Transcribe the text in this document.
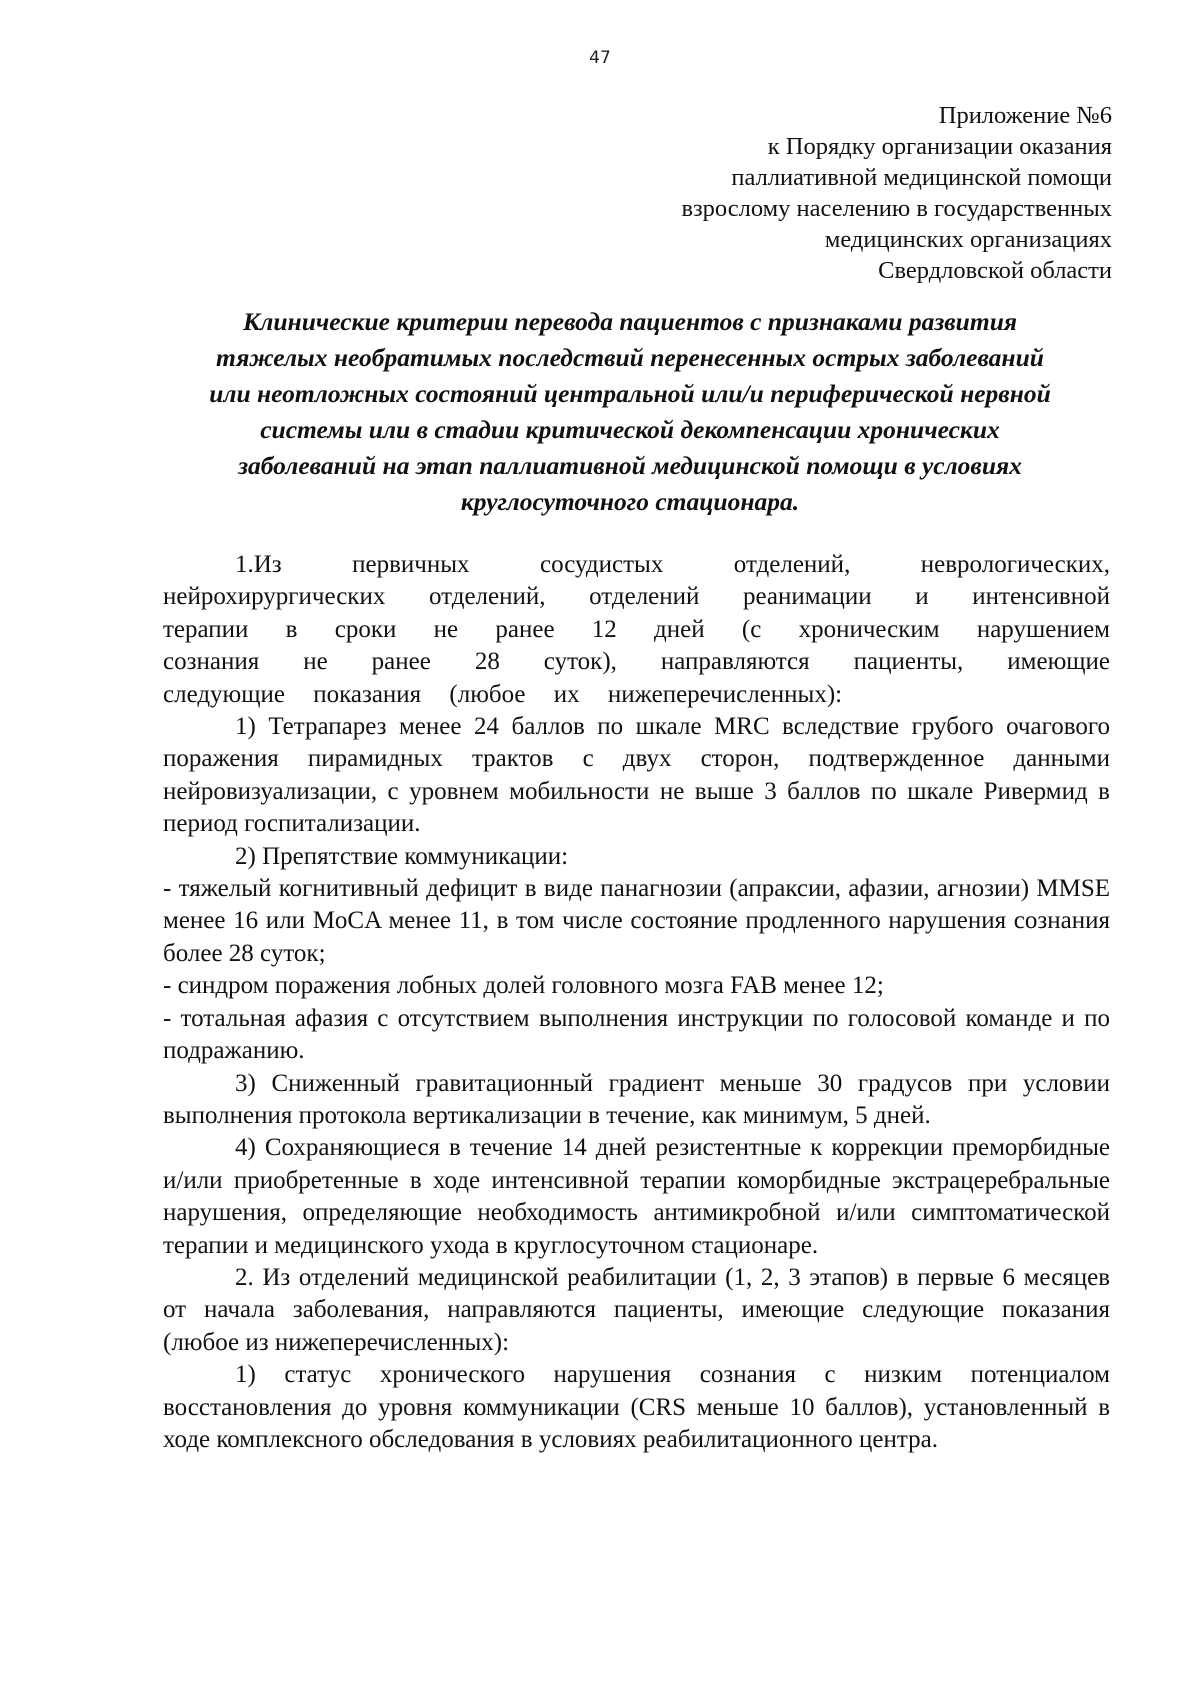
47
Приложение №6
к Порядку организации оказания
паллиативной медицинской помощи
взрослому населению в государственных
медицинских организациях
Свердловской области
Клинические критерии перевода пациентов с признаками развития
тяжелых необратимых последствий перенесенных острых заболеваний
или неотложных состояний центральной или/и периферической нервной
системы или в стадии критической декомпенсации хронических
заболеваний на этап паллиативной медицинской помощи в условиях
круглосуточного стационара.

1.Из первичных сосудистых отделений, неврологических, нейрохирургических отделений, отделений реанимации и интенсивной терапии в сроки не ранее 12 дней (с хроническим нарушением сознания не ранее 28 суток), направляются пациенты, имеющие следующие показания (любое их нижеперечисленных):

1) Тетрапарез менее 24 баллов по шкале MRC вследствие грубого очагового поражения пирамидных трактов с двух сторон, подтвержденное данными нейровизуализации, с уровнем мобильности не выше 3 баллов по шкале Ривермид в период госпитализации.

2) Препятствие коммуникации:

- тяжелый когнитивный дефицит в виде панагнозии (апраксии, афазии, агнозии) MMSE менее 16 или MoCA менее 11, в том числе состояние продленного нарушения сознания более 28 суток;

- синдром поражения лобных долей головного мозга FAB менее 12;

- тотальная афазия с отсутствием выполнения инструкции по голосовой команде и по подражанию.

3) Сниженный гравитационный градиент меньше 30 градусов при условии выполнения протокола вертикализации в течение, как минимум, 5 дней.

4) Сохраняющиеся в течение 14 дней резистентные к коррекции преморбидные и/или приобретенные в ходе интенсивной терапии коморбидные экстрацеребральные нарушения, определяющие необходимость антимикробной и/или симптоматической терапии и медицинского ухода в круглосуточном стационаре.

2. Из отделений медицинской реабилитации (1, 2, 3 этапов) в первые 6 месяцев от начала заболевания, направляются пациенты, имеющие следующие показания (любое из нижеперечисленных):

1) статус хронического нарушения сознания с низким потенциалом восстановления до уровня коммуникации (CRS меньше 10 баллов), установленный в ходе комплексного обследования в условиях реабилитационного центра.
